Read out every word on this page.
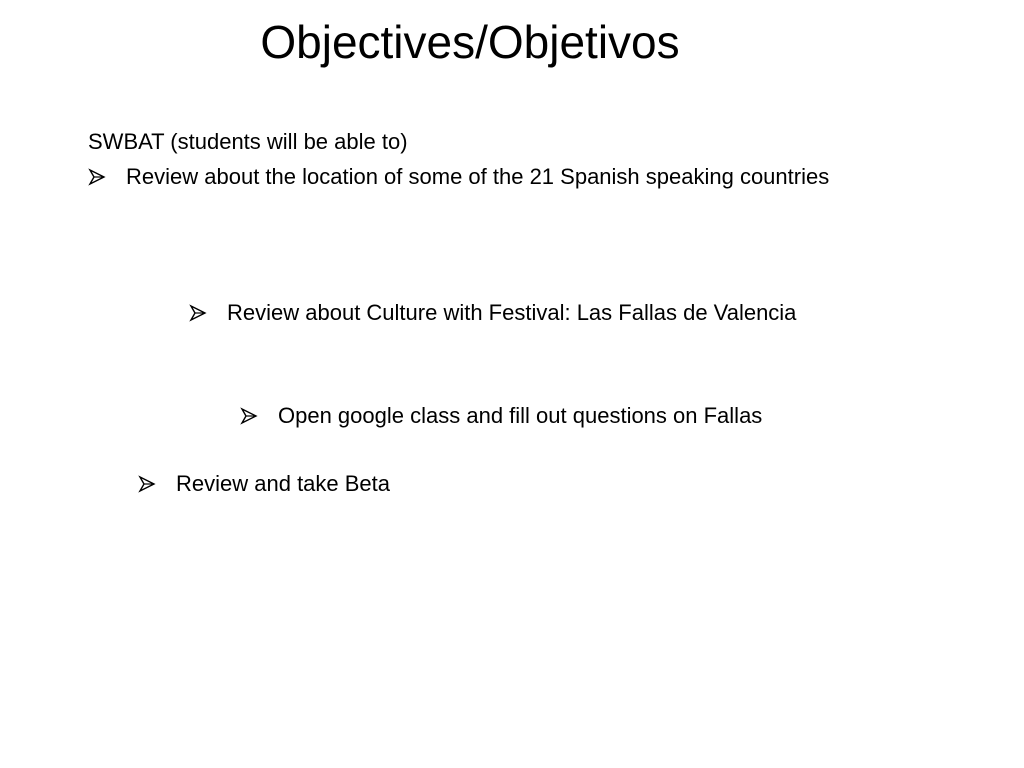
Objectives/Objetivos
SWBAT (students will be able to)
Review about the location of some of the 21 Spanish speaking countries
Review about Culture with Festival: Las Fallas de Valencia
Open google class and fill out questions on Fallas
Review and take Beta
